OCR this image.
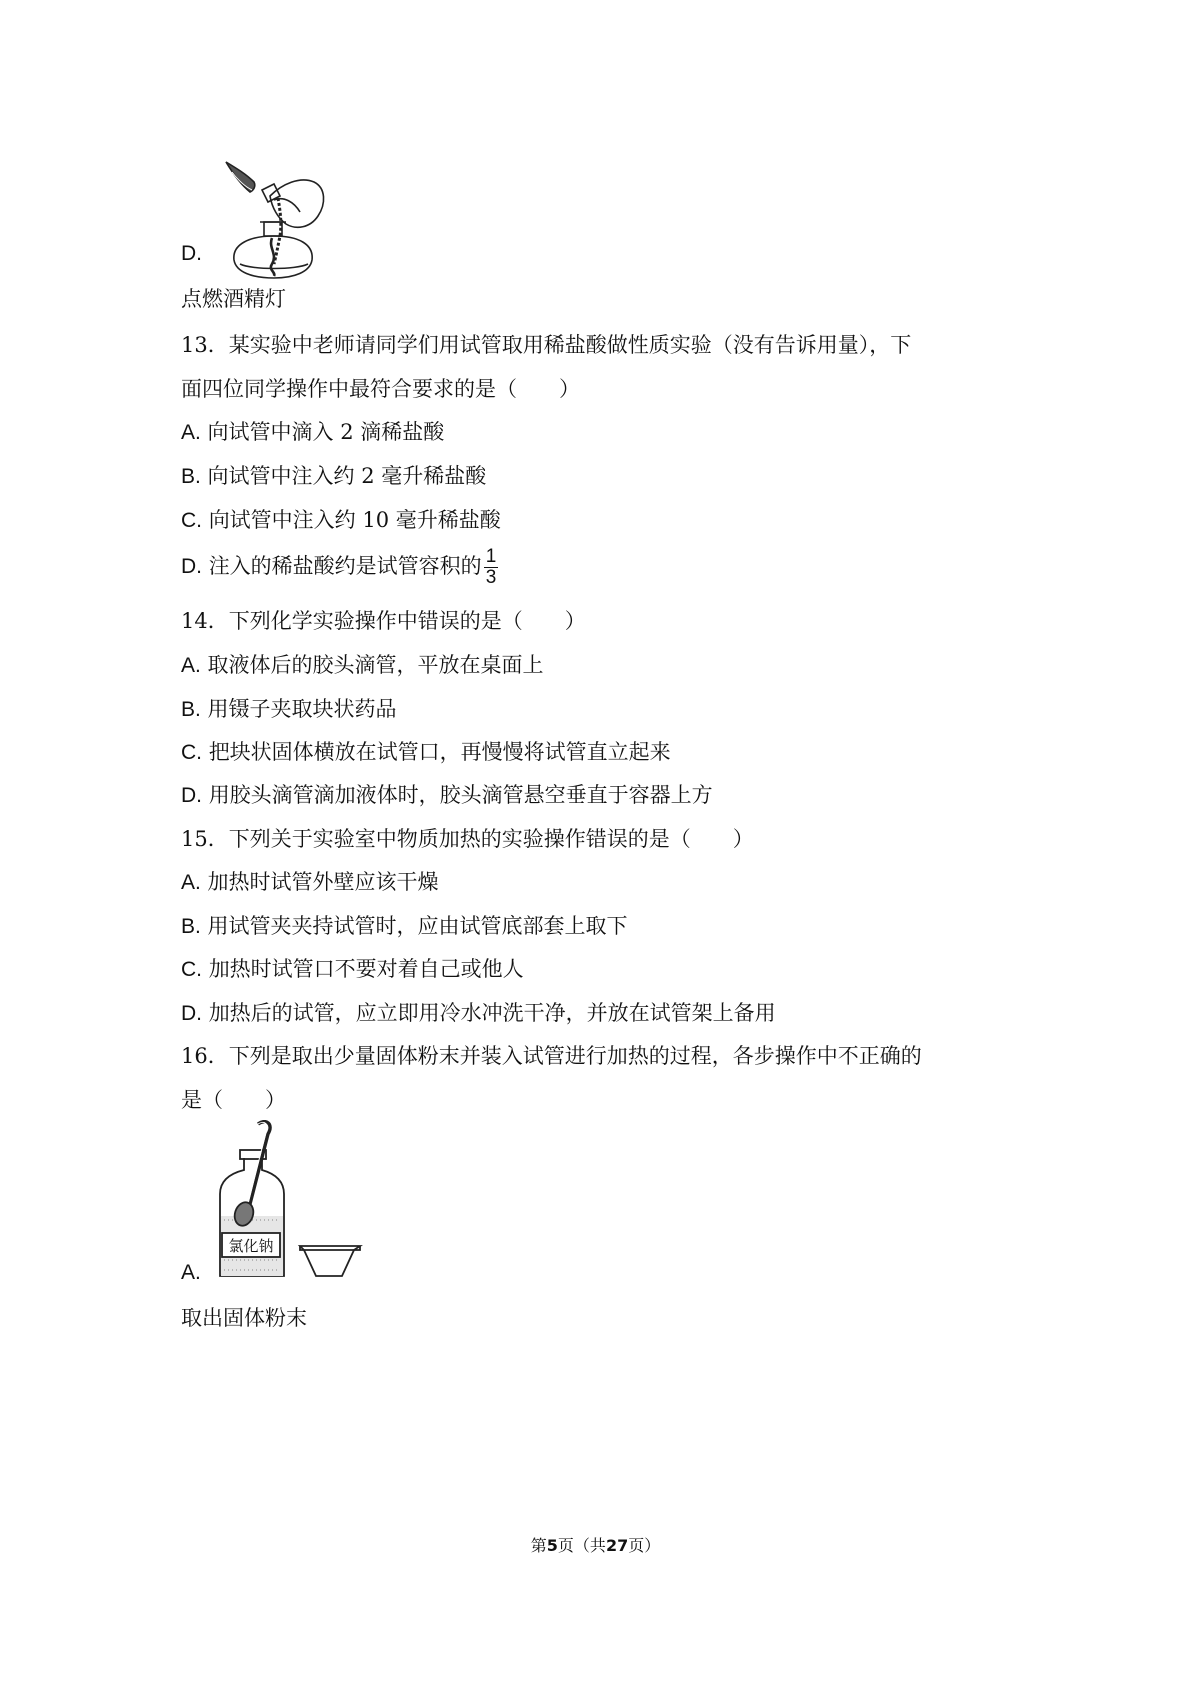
D.
点燃酒精灯
13．某实验中老师请同学们用试管取用稀盐酸做性质实验（没有告诉用量），下
面四位同学操作中最符合要求的是（　　）
A. 向试管中滴入 2 滴稀盐酸
B. 向试管中注入约 2 毫升稀盐酸
C. 向试管中注入约 10 毫升稀盐酸
D. 注入的稀盐酸约是试管容积的 $\frac{1}{3}$
14．下列化学实验操作中错误的是（　　）
A. 取液体后的胶头滴管，平放在桌面上
B. 用镊子夹取块状药品
C. 把块状固体横放在试管口，再慢慢将试管直立起来
D. 用胶头滴管滴加液体时，胶头滴管悬空垂直于容器上方
15．下列关于实验室中物质加热的实验操作错误的是（　　）
A. 加热时试管外壁应该干燥
B. 用试管夹夹持试管时，应由试管底部套上取下
C. 加热时试管口不要对着自己或他人
D. 加热后的试管，应立即用冷水冲洗干净，并放在试管架上备用
16．下列是取出少量固体粉末并装入试管进行加热的过程，各步操作中不正确的
是（　　）
氯化钠
A.
取出固体粉末
第5页（共27页）
